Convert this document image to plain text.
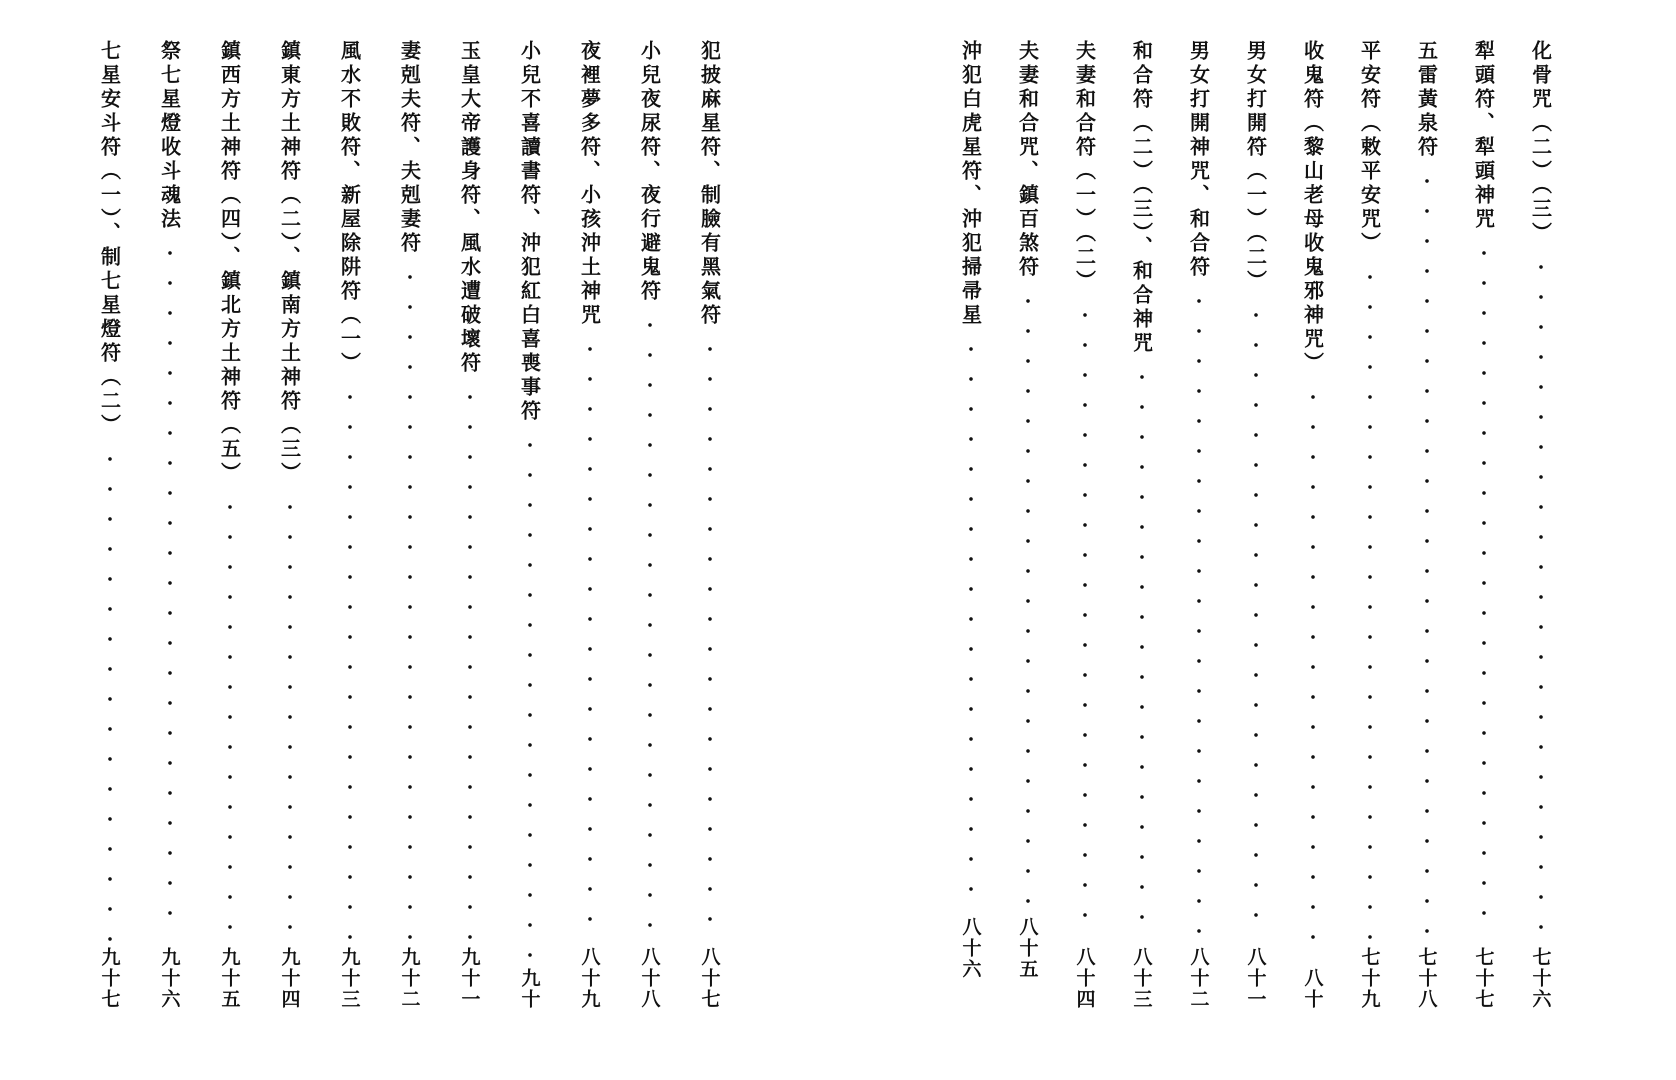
化骨咒（二）（三）
七十六
犁頭符、犁頭神咒
七十七
五雷黃泉符
七十八
平安符（敕平安咒）
七十九
收鬼符（黎山老母收鬼邪神咒）
八十
男女打開符（一）（二）
八十一
男女打開神咒、和合符
八十二
和合符（二）（三）、和合神咒
八十三
夫妻和合符（一）（二）
八十四
夫妻和合咒、鎮百煞符
八十五
沖犯白虎星符、沖犯掃帚星
八十六
犯披麻星符、制臉有黑氣符
八十七
小兒夜尿符、夜行避鬼符
八十八
夜裡夢多符、小孩沖土神咒
八十九
小兒不喜讀書符、沖犯紅白喜喪事符
九十
玉皇大帝護身符、風水遭破壞符
九十一
妻剋夫符、夫剋妻符
九十二
風水不敗符、新屋除阱符（一）
九十三
鎮東方土神符（二）、鎮南方土神符（三）
九十四
鎮西方土神符（四）、鎮北方土神符（五）
九十五
祭七星燈收斗魂法
九十六
七星安斗符（一）、制七星燈符（二）
九十七
